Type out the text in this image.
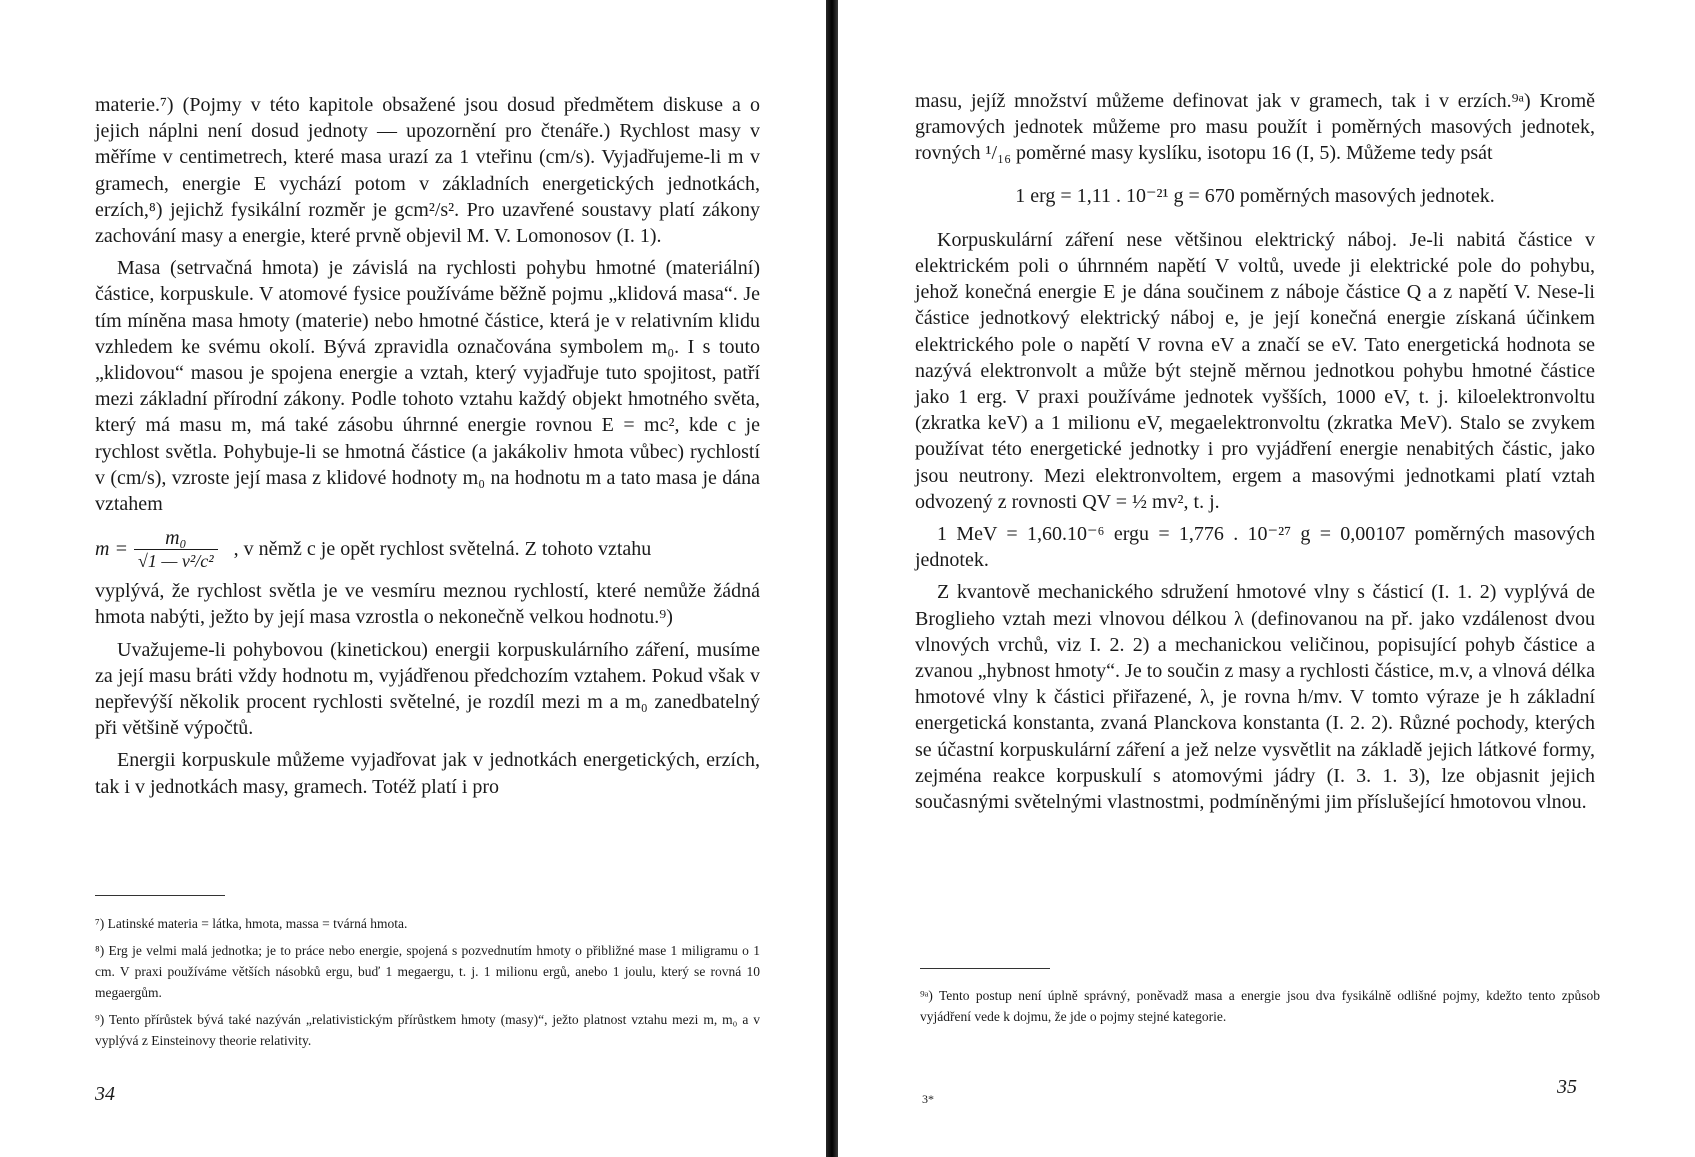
materie.⁷) (Pojmy v této kapitole obsažené jsou dosud předmětem diskuse a o jejich náplni není dosud jednoty — upozornění pro čtenáře.) Rychlost masy v měříme v centimetrech, které masa urazí za 1 vteřinu (cm/s). Vyjadřujeme-li m v gramech, energie E vychází potom v základních energetických jednotkách, erzích,⁸) jejichž fysikální rozměr je gcm²/s². Pro uzavřené soustavy platí zákony zachování masy a energie, které prvně objevil M. V. Lomonosov (I. 1).

Masa (setrvačná hmota) je závislá na rychlosti pohybu hmotné (materiální) částice, korpuskule. V atomové fysice používáme běžně pojmu „klidová masa“. Je tím míněna masa hmoty (materie) nebo hmotné částice, která je v relativním klidu vzhledem ke svému okolí. Bývá zpravidla označována symbolem m₀. I s touto „klidovou“ masou je spojena energie a vztah, který vyjadřuje tuto spojitost, patří mezi základní přírodní zákony. Podle tohoto vztahu každý objekt hmotného světa, který má masu m, má také zásobu úhrnné energie rovnou E = mc², kde c je rychlost světla. Pohybuje-li se hmotná částice (a jakákoliv hmota vůbec) rychlostí v (cm/s), vzroste její masa z klidové hodnoty m₀ na hodnotu m a tato masa je dána vztahem

$m = \frac{\text{m₀}}{\text{√1 — v²/c²}}$ , v němž c je opět rychlost světelná. Z tohoto vztahu

vyplývá, že rychlost světla je ve vesmíru meznou rychlostí, které nemůže žádná hmota nabýti, ježto by její masa vzrostla o nekonečně velkou hodnotu.⁹)

Uvažujeme-li pohybovou (kinetickou) energii korpuskulárního záření, musíme za její masu bráti vždy hodnotu m, vyjádřenou předchozím vztahem. Pokud však v nepřevýší několik procent rychlosti světelné, je rozdíl mezi m a m₀ zanedbatelný při většině výpočtů.

Energii korpuskule můžeme vyjadřovat jak v jednotkách energetických, erzích, tak i v jednotkách masy, gramech. Totéž platí i pro

masu, jejíž množství můžeme definovat jak v gramech, tak i v erzích.⁹ᵃ) Kromě gramových jednotek můžeme pro masu použít i poměrných masových jednotek, rovných ¹/₁₆ poměrné masy kyslíku, isotopu 16 (I, 5). Můžeme tedy psát

1 erg = 1,11 . 10⁻²¹ g = 670 poměrných masových jednotek.

Korpuskulární záření nese většinou elektrický náboj. Je-li nabitá částice v elektrickém poli o úhrnném napětí V voltů, uvede ji elektrické pole do pohybu, jehož konečná energie E je dána součinem z náboje částice Q a z napětí V. Nese-li částice jednotkový elektrický náboj e, je její konečná energie získaná účinkem elektrického pole o napětí V rovna eV a značí se eV. Tato energetická hodnota se nazývá elektronvolt a může být stejně měrnou jednotkou pohybu hmotné částice jako 1 erg. V praxi používáme jednotek vyšších, 1000 eV, t. j. kiloelektronvoltu (zkratka keV) a 1 milionu eV, megaelektronvoltu (zkratka MeV). Stalo se zvykem používat této energetické jednotky i pro vyjádření energie nenabitých částic, jako jsou neutrony. Mezi elektronvoltem, ergem a masovými jednotkami platí vztah odvozený z rovnosti QV = ½ mv², t. j.

1 MeV = 1,60.10⁻⁶ ergu = 1,776 . 10⁻²⁷ g = 0,00107 poměrných masových jednotek.

Z kvantově mechanického sdružení hmotové vlny s částicí (I. 1. 2) vyplývá de Broglieho vztah mezi vlnovou délkou λ (definovanou na př. jako vzdálenost dvou vlnových vrchů, viz I. 2. 2) a mechanickou veličinou, popisující pohyb částice a zvanou „hybnost hmoty“. Je to součin z masy a rychlosti částice, m.v, a vlnová délka hmotové vlny k částici přiřazené, λ, je rovna h/mv. V tomto výraze je h základní energetická konstanta, zvaná Planckova konstanta (I. 2. 2). Různé pochody, kterých se účastní korpuskulární záření a jež nelze vysvětlit na základě jejich látkové formy, zejména reakce korpuskulí s atomovými jádry (I. 3. 1. 3), lze objasnit jejich současnými světelnými vlastnostmi, podmíněnými jim příslušející hmotovou vlnou.

⁷) Latinské materia = látka, hmota, massa = tvárná hmota.

⁸) Erg je velmi malá jednotka; je to práce nebo energie, spojená s pozvednutím hmoty o přibližné mase 1 miligramu o 1 cm. V praxi používáme větších násobků ergu, buď 1 megaergu, t. j. 1 milionu ergů, anebo 1 joulu, který se rovná 10 megaergům.

⁹) Tento přírůstek bývá také nazýván „relativistickým přírůstkem hmoty (masy)“, ježto platnost vztahu mezi m, m₀ a v vyplývá z Einsteinovy theorie relativity.

34

⁹ᵃ) Tento postup není úplně správný, poněvadž masa a energie jsou dva fysikálně odlišné pojmy, kdežto tento způsob vyjádření vede k dojmu, že jde o pojmy stejné kategorie.

3*
35
